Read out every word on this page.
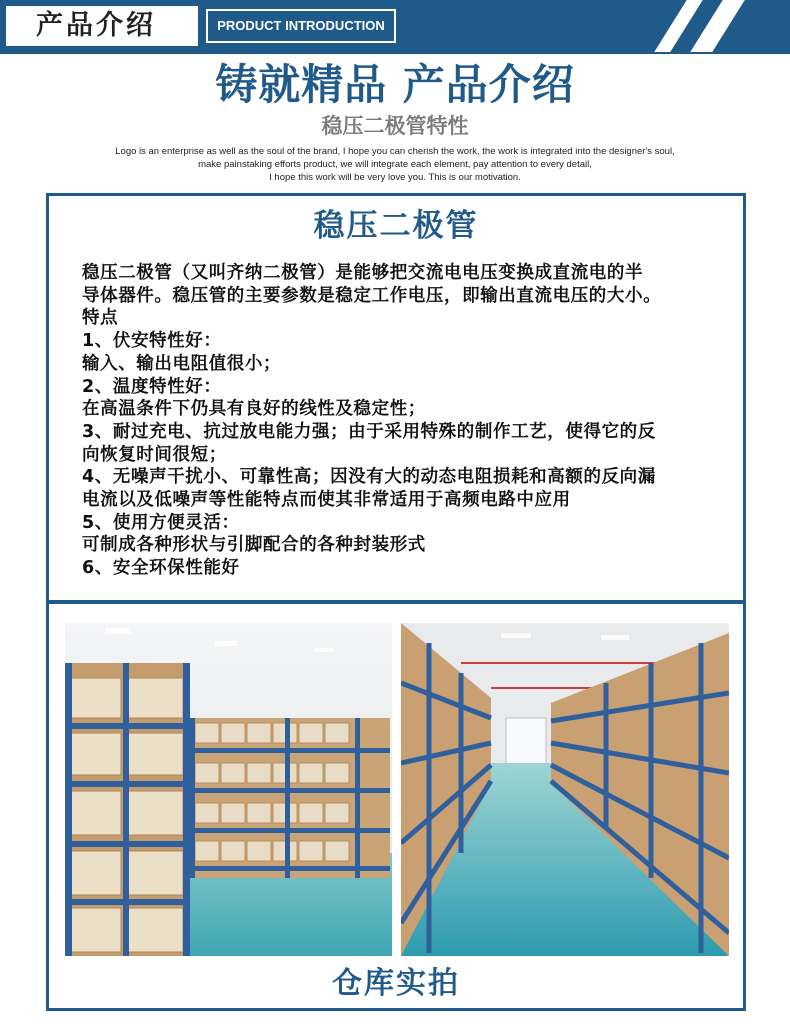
产品介绍	PRODUCT INTRODUCTION
铸就精品 产品介绍
稳压二极管特性
Logo is an enterprise as well as the soul of the brand, I hope you can cherish the work, the work is integrated into the designer's soul,
make painstaking efforts product, we will integrate each element, pay attention to every detail,
I hope this work will be very love you. This is our motivation.
稳压二极管
稳压二极管（又叫齐纳二极管）是能够把交流电电压变换成直流电的半
导体器件。稳压管的主要参数是稳定工作电压，即输出直流电压的大小。
特点
1、伏安特性好：
输入、输出电阻值很小；
2、温度特性好：
在高温条件下仍具有良好的线性及稳定性；
3、耐过充电、抗过放电能力强；由于采用特殊的制作工艺，使得它的反
向恢复时间很短；
4、无噪声干扰小、可靠性高；因没有大的动态电阻损耗和高额的反向漏
电流以及低噪声等性能特点而使其非常适用于高频电路中应用
5、使用方便灵活：
可制成各种形状与引脚配合的各种封装形式
6、安全环保性能好
仓库实拍
